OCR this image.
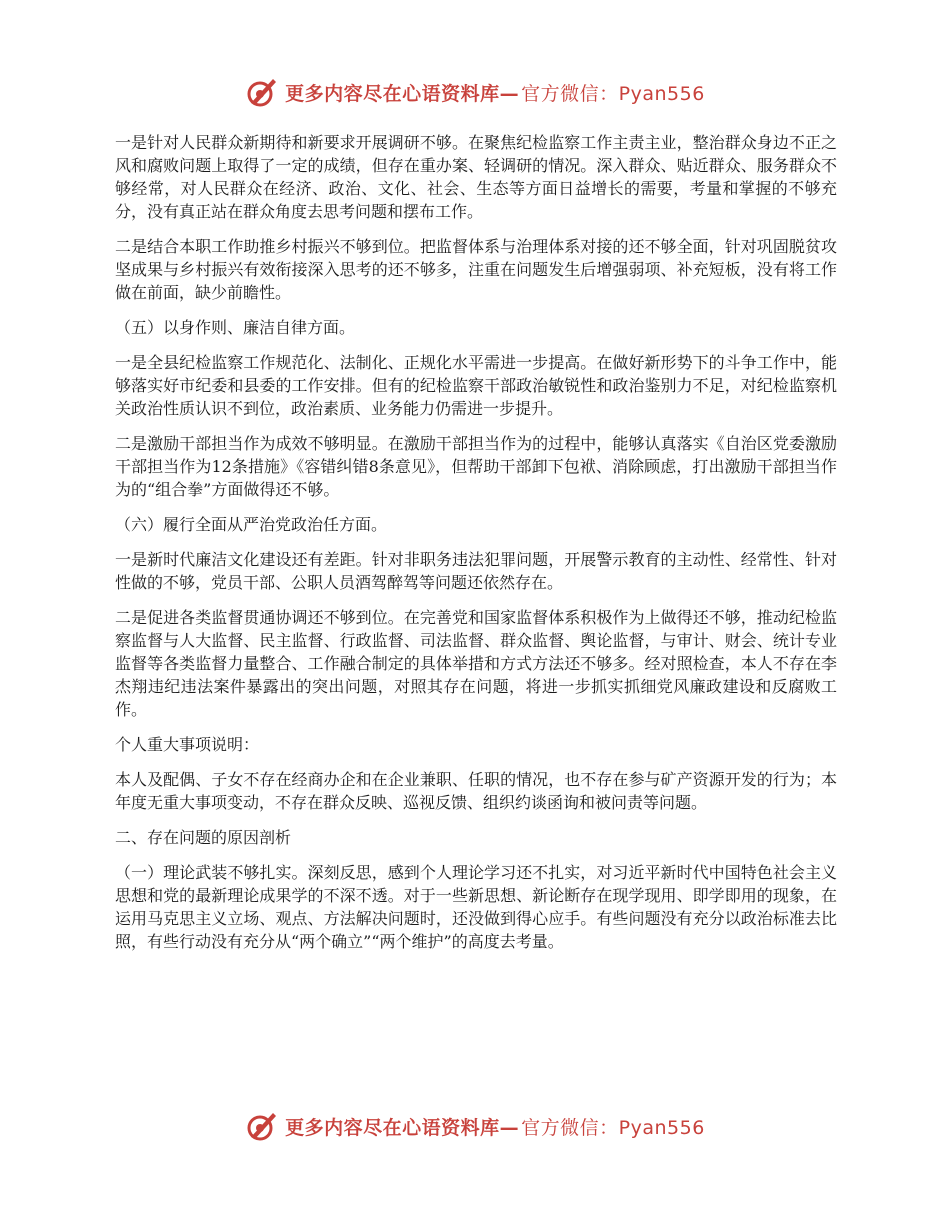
更多内容尽在心语资料库— 官方微信：Pyan556

一是针对人民群众新期待和新要求开展调研不够。在聚焦纪检监察工作主责主业，整治群众身边不正之风和腐败问题上取得了一定的成绩，但存在重办案、轻调研的情况。深入群众、贴近群众、服务群众不够经常，对人民群众在经济、政治、文化、社会、生态等方面日益增长的需要，考量和掌握的不够充分，没有真正站在群众角度去思考问题和摆布工作。

二是结合本职工作助推乡村振兴不够到位。把监督体系与治理体系对接的还不够全面，针对巩固脱贫攻坚成果与乡村振兴有效衔接深入思考的还不够多，注重在问题发生后增强弱项、补充短板，没有将工作做在前面，缺少前瞻性。

（五）以身作则、廉洁自律方面。

一是全县纪检监察工作规范化、法制化、正规化水平需进一步提高。在做好新形势下的斗争工作中，能够落实好市纪委和县委的工作安排。但有的纪检监察干部政治敏锐性和政治鉴别力不足，对纪检监察机关政治性质认识不到位，政治素质、业务能力仍需进一步提升。

二是激励干部担当作为成效不够明显。在激励干部担当作为的过程中，能够认真落实《自治区党委激励干部担当作为12条措施》《容错纠错8条意见》，但帮助干部卸下包袱、消除顾虑，打出激励干部担当作为的“组合拳”方面做得还不够。

（六）履行全面从严治党政治任方面。

一是新时代廉洁文化建设还有差距。针对非职务违法犯罪问题，开展警示教育的主动性、经常性、针对性做的不够，党员干部、公职人员酒驾醉驾等问题还依然存在。

二是促进各类监督贯通协调还不够到位。在完善党和国家监督体系积极作为上做得还不够，推动纪检监察监督与人大监督、民主监督、行政监督、司法监督、群众监督、舆论监督，与审计、财会、统计专业监督等各类监督力量整合、工作融合制定的具体举措和方式方法还不够多。经对照检查，本人不存在李杰翔违纪违法案件暴露出的突出问题，对照其存在问题，将进一步抓实抓细党风廉政建设和反腐败工作。

个人重大事项说明：

本人及配偶、子女不存在经商办企和在企业兼职、任职的情况，也不存在参与矿产资源开发的行为；本年度无重大事项变动，不存在群众反映、巡视反馈、组织约谈函询和被问责等问题。

二、存在问题的原因剖析

（一）理论武装不够扎实。深刻反思，感到个人理论学习还不扎实，对习近平新时代中国特色社会主义思想和党的最新理论成果学的不深不透。对于一些新思想、新论断存在现学现用、即学即用的现象，在运用马克思主义立场、观点、方法解决问题时，还没做到得心应手。有些问题没有充分以政治标准去比照，有些行动没有充分从“两个确立”“两个维护”的高度去考量。

更多内容尽在心语资料库— 官方微信：Pyan556
